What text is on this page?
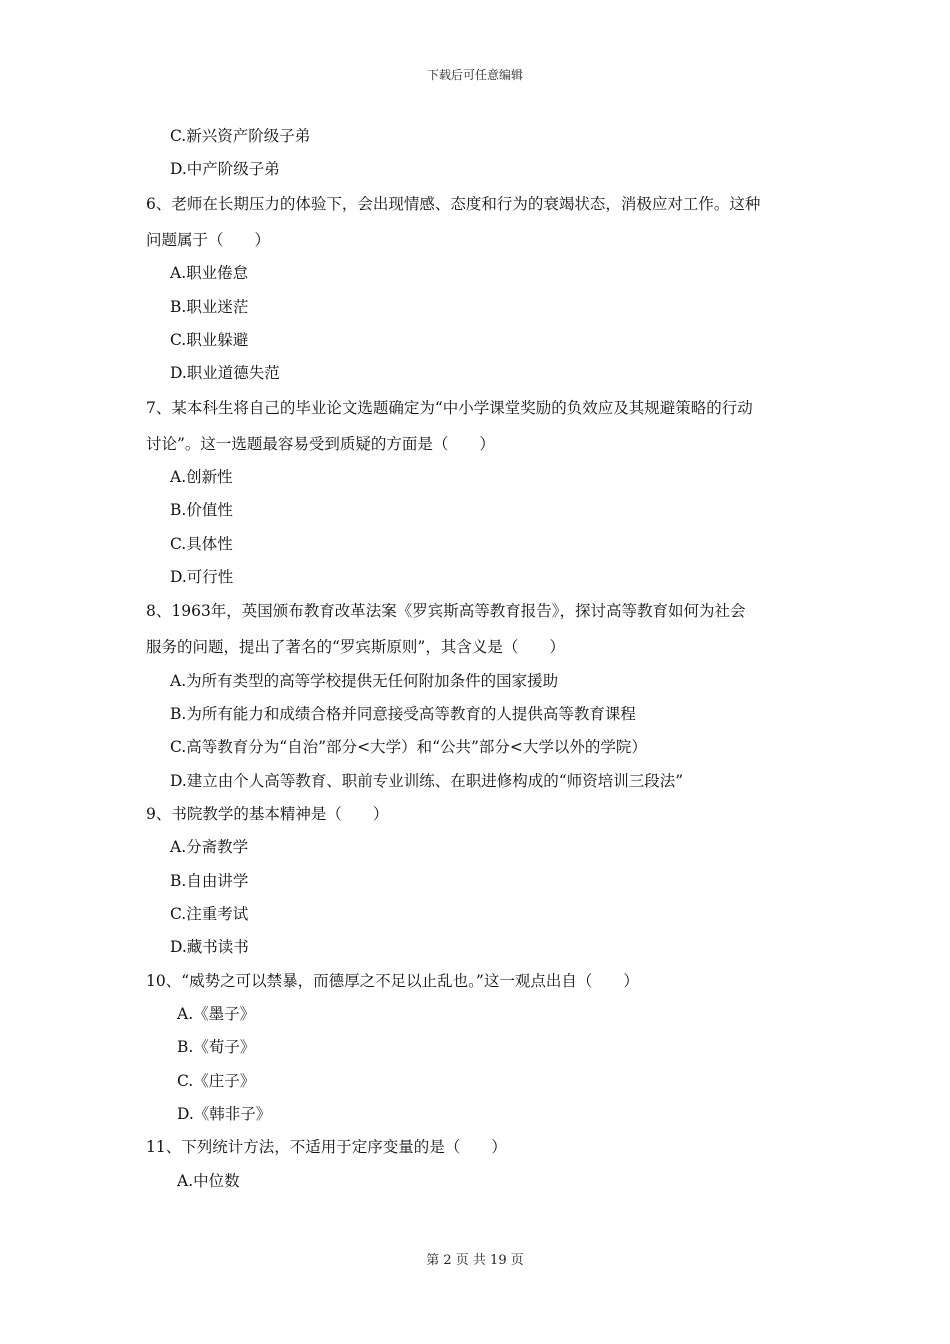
下载后可任意编辑
C.新兴资产阶级子弟
D.中产阶级子弟
6、老师在长期压力的体验下，会出现情感、态度和行为的衰竭状态，消极应对工作。这种
问题属于（　　）
A.职业倦怠
B.职业迷茫
C.职业躲避
D.职业道德失范
7、某本科生将自己的毕业论文选题确定为“中小学课堂奖励的负效应及其规避策略的行动
讨论”。这一选题最容易受到质疑的方面是（　　）
A.创新性
B.价值性
C.具体性
D.可行性
8、1963年，英国颁布教育改革法案《罗宾斯高等教育报告》，探讨高等教育如何为社会
服务的问题，提出了著名的“罗宾斯原则”，其含义是（　　）
A.为所有类型的高等学校提供无任何附加条件的国家援助
B.为所有能力和成绩合格并同意接受高等教育的人提供高等教育课程
C.高等教育分为“自治”部分<大学）和“公共”部分<大学以外的学院）
D.建立由个人高等教育、职前专业训练、在职进修构成的“师资培训三段法”
9、书院教学的基本精神是（　　）
A.分斋教学
B.自由讲学
C.注重考试
D.藏书读书
10、“威势之可以禁暴，而德厚之不足以止乱也。”这一观点出自（　　）
A.《墨子》
B.《荀子》
C.《庄子》
D.《韩非子》
11、下列统计方法，不适用于定序变量的是（　　）
A.中位数
第 2 页 共 19 页
